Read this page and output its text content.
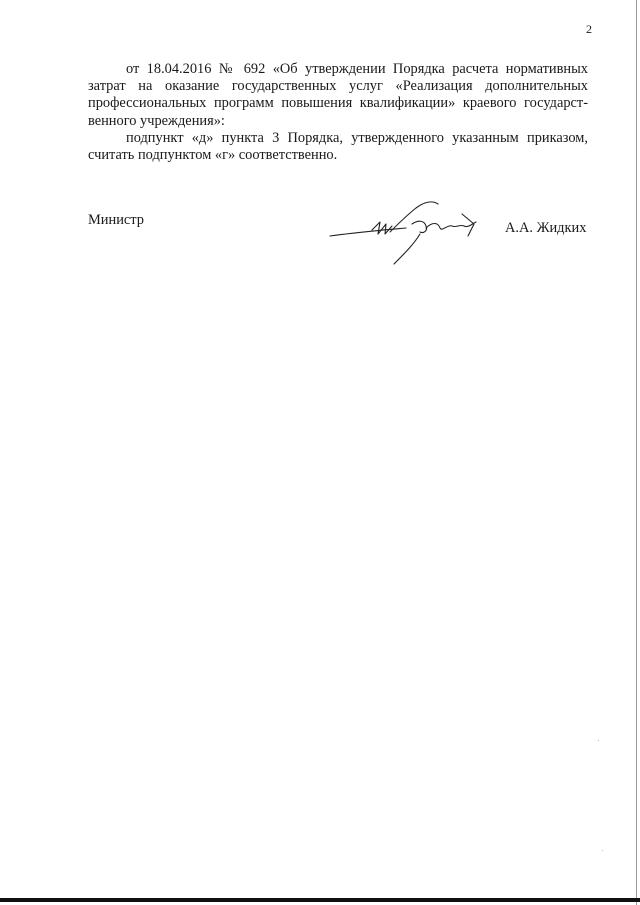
2

от 18.04.2016 № 692 «Об утверждении Порядка расчета нормативных затрат на оказание государственных услуг «Реализация дополнительных профессиональных программ повышения квалификации» краевого государст-венного учреждения»:

подпункт «д» пункта 3 Порядка, утвержденного указанным приказом, считать подпунктом «г» соответственно.

Министр	А.А. Жидких
